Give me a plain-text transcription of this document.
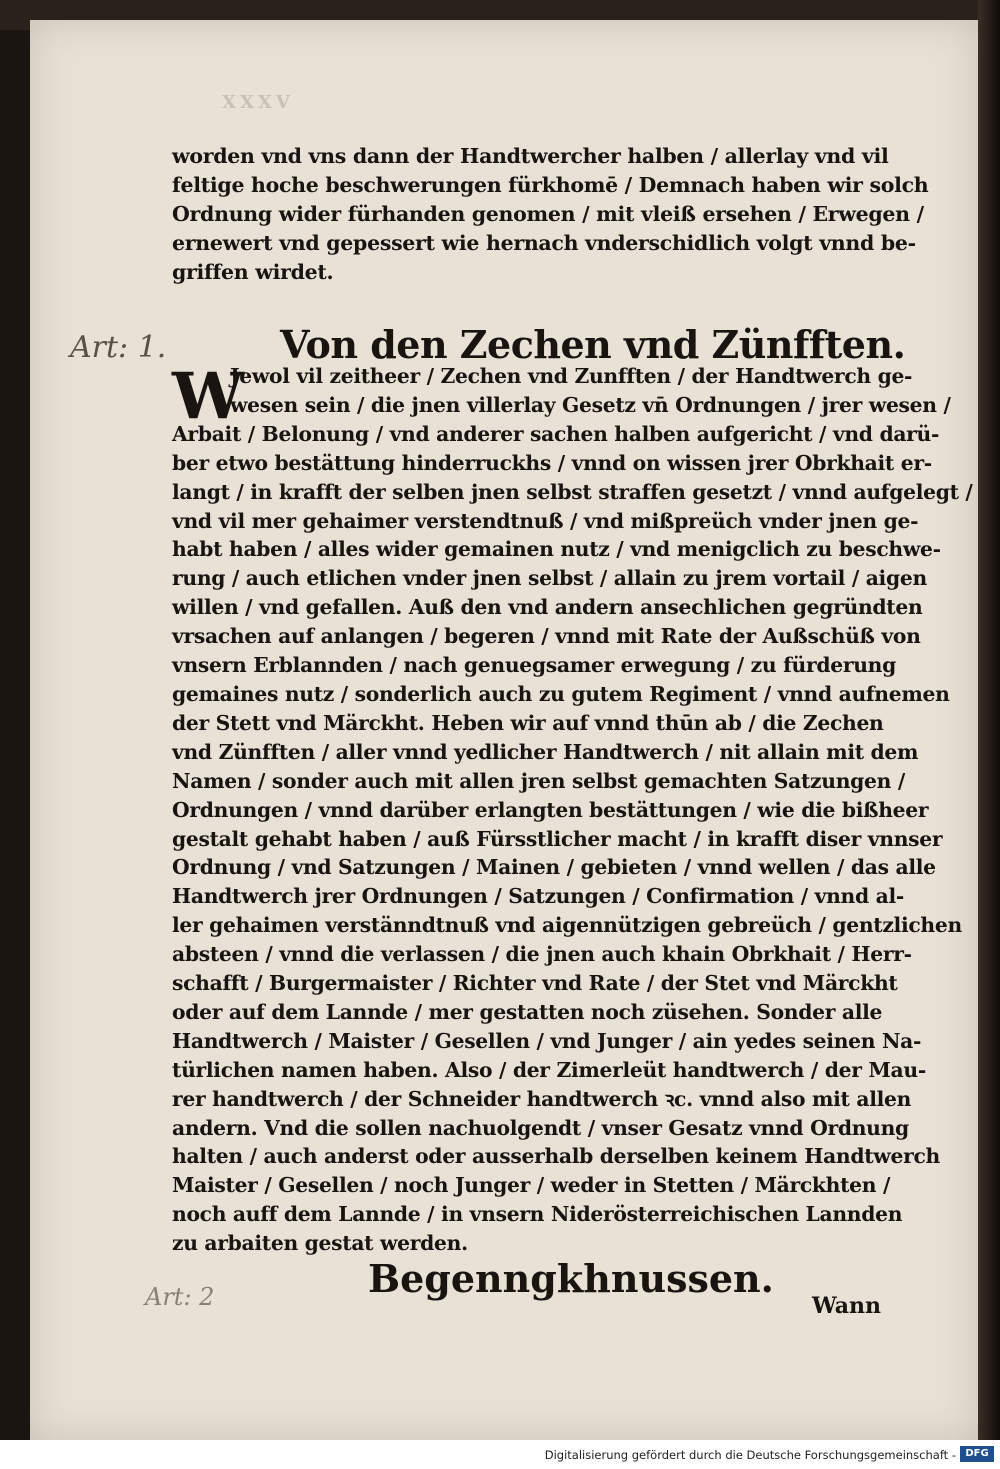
XXXV
worden vnd vns dann der Handtwercher halben / allerlay vnd vil
feltige hoche beschwerungen fürkhomē / Demnach haben wir solch
Ordnung wider fürhanden genomen / mit vleiß ersehen / Erwegen /
ernewert vnd gepessert wie hernach vnderschidlich volgt vnnd be-
griffen wirdet.
Art: 1.	Von den Zechen vnd Zünfften.
W
Jewol vil zeitheer / Zechen vnd Zunfften / der Handtwerch ge-
wesen sein / die jnen villerlay Gesetz vn̄ Ordnungen / jrer wesen /
Arbait / Belonung / vnd anderer sachen halben aufgericht / vnd darü-
ber etwo bestättung hinderruckhs / vnnd on wissen jrer Obrkhait er-
langt / in krafft der selben jnen selbst straffen gesetzt / vnnd aufgelegt /
vnd vil mer gehaimer verstendtnuß / vnd mißpreüch vnder jnen ge-
habt haben / alles wider gemainen nutz / vnd menigclich zu beschwe-
rung / auch etlichen vnder jnen selbst / allain zu jrem vortail / aigen
willen / vnd gefallen. Auß den vnd andern ansechlichen gegründten
vrsachen auf anlangen / begeren / vnnd mit Rate der Außschüß von
vnsern Erblannden / nach genuegsamer erwegung / zu fürderung
gemaines nutz / sonderlich auch zu gutem Regiment / vnnd aufnemen
der Stett vnd Märckht. Heben wir auf vnnd thūn ab / die Zechen
vnd Zünfften / aller vnnd yedlicher Handtwerch / nit allain mit dem
Namen / sonder auch mit allen jren selbst gemachten Satzungen /
Ordnungen / vnnd darüber erlangten bestättungen / wie die bißheer
gestalt gehabt haben / auß Fürsstlicher macht / in krafft diser vnnser
Ordnung / vnd Satzungen / Mainen / gebieten / vnnd wellen / das alle
Handtwerch jrer Ordnungen / Satzungen / Confirmation / vnnd al-
ler gehaimen verstänndtnuß vnd aigennützigen gebreüch / gentzlichen
absteen / vnnd die verlassen / die jnen auch khain Obrkhait / Herr-
schafft / Burgermaister / Richter vnd Rate / der Stet vnd Märckht
oder auf dem Lannde / mer gestatten noch züsehen. Sonder alle
Handtwerch / Maister / Gesellen / vnd Junger / ain yedes seinen Na-
türlichen namen haben. Also / der Zimerleüt handtwerch / der Mau-
rer handtwerch / der Schneider handtwerch ꝛc. vnnd also mit allen
andern. Vnd die sollen nachuolgendt / vnser Gesatz vnnd Ordnung
halten / auch anderst oder ausserhalb derselben keinem Handtwerch
Maister / Gesellen / noch Junger / weder in Stetten / Märckhten /
noch auff dem Lannde / in vnsern Niderösterreichischen Lannden
zu arbaiten gestat werden.
Art: 2	Begenngkhnussen.
Wann
Digitalisierung gefördert durch die Deutsche Forschungsgemeinschaft - DFG
